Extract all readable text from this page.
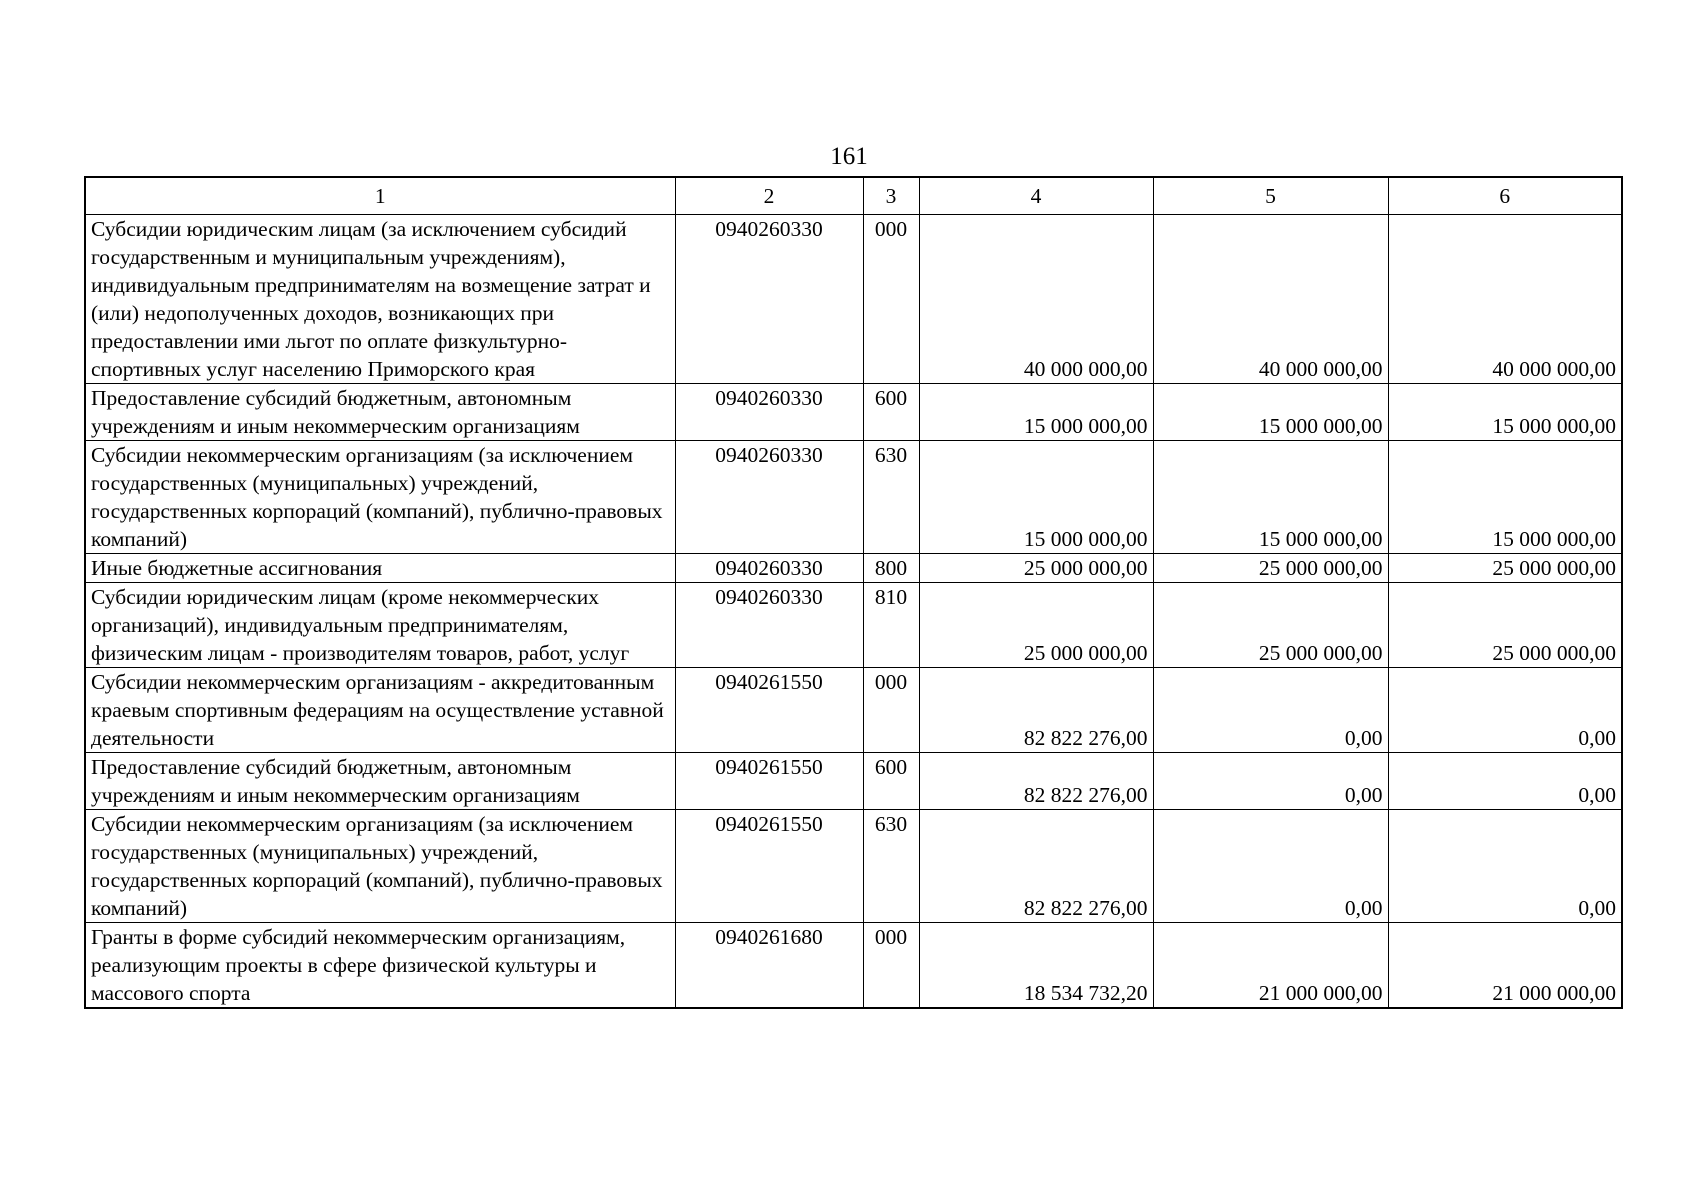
161
1	2	3	4	5	6
Субсидии юридическим лицам (за исключением субсидий государственным и муниципальным учреждениям), индивидуальным предпринимателям на возмещение затрат и (или) недополученных доходов, возникающих при предоставлении ими льгот по оплате физкультурно-спортивных услуг населению Приморского края	0940260330	000	40 000 000,00	40 000 000,00	40 000 000,00
Предоставление субсидий бюджетным, автономным учреждениям и иным некоммерческим организациям	0940260330	600	15 000 000,00	15 000 000,00	15 000 000,00
Субсидии некоммерческим организациям (за исключением государственных (муниципальных) учреждений, государственных корпораций (компаний), публично-правовых компаний)	0940260330	630	15 000 000,00	15 000 000,00	15 000 000,00
Иные бюджетные ассигнования	0940260330	800	25 000 000,00	25 000 000,00	25 000 000,00
Субсидии юридическим лицам (кроме некоммерческих организаций), индивидуальным предпринимателям, физическим лицам - производителям товаров, работ, услуг	0940260330	810	25 000 000,00	25 000 000,00	25 000 000,00
Субсидии некоммерческим организациям - аккредитованным краевым спортивным федерациям на осуществление уставной деятельности	0940261550	000	82 822 276,00	0,00	0,00
Предоставление субсидий бюджетным, автономным учреждениям и иным некоммерческим организациям	0940261550	600	82 822 276,00	0,00	0,00
Субсидии некоммерческим организациям (за исключением государственных (муниципальных) учреждений, государственных корпораций (компаний), публично-правовых компаний)	0940261550	630	82 822 276,00	0,00	0,00
Гранты в форме субсидий некоммерческим организациям, реализующим проекты в сфере физической культуры и массового спорта	0940261680	000	18 534 732,20	21 000 000,00	21 000 000,00
